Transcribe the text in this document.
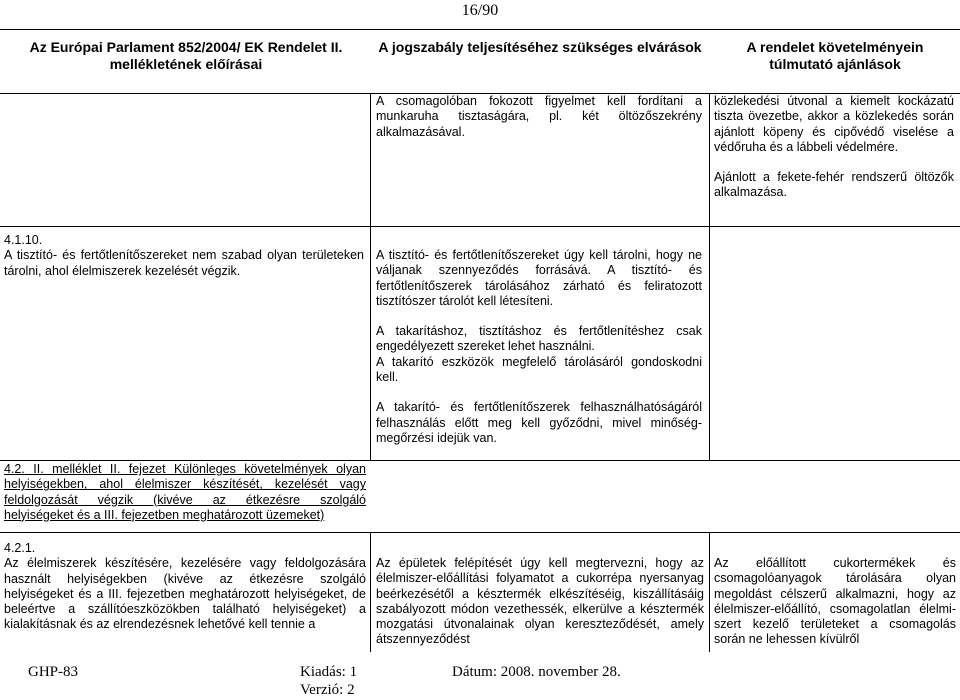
16/90
Az Európai Parlament 852/2004/ EK Rendelet II. mellékletének előírásai
A jogszabály teljesítéséhez szükséges elvárások	A rendelet követelményein túlmutató ajánlások
A csomagolóban fokozott figyelmet kell fordítani a munkaruha tisztaságára, pl. két öltözőszekrény alkalmazásával.

közlekedési útvonal a kiemelt kockázatú tiszta övezetbe, akkor a közlekedés során ajánlott köpeny és cipővédő viselése a védőruha és a lábbeli védelmére.

Ajánlott a fekete-fehér rendszerű öltözők alkalmazása.

4.1.10.

A tisztító- és fertőtlenítőszereket nem szabad olyan területeken tárolni, ahol élelmiszerek kezelését végzik.

A tisztító- és fertőtlenítőszereket úgy kell tárolni, hogy ne váljanak szennyeződés forrásává. A tisztító- és fertőtlenítőszerek tárolásához zárható és feliratozott tisztítószer tárolót kell létesíteni.

A takarításhoz, tisztításhoz és fertőtlenítéshez csak engedélyezett szereket lehet használni.

A takarító eszközök megfelelő tárolásáról gondoskodni kell.

A takarító- és fertőtlenítőszerek felhasználhatóságáról felhasználás előtt meg kell győződni, mivel minőség-megőrzési idejük van.

4.2. II. melléklet II. fejezet Különleges követelmények olyan
helyiségekben, ahol élelmiszer készítését, kezelését vagy
feldolgozását végzik (kivéve az étkezésre szolgáló
helyiségeket és a III. fejezetben meghatározott üzemeket)

4.2.1.

Az élelmiszerek készítésére, kezelésére vagy feldolgozására használt helyiségekben (kivéve az étkezésre szolgáló helyiségeket és a III. fejezetben meghatározott helyiségeket, de beleértve a szállítóeszközökben található helyiségeket) a kialakításnak és az elrendezésnek lehetővé kell tennie a

Az épületek felépítését úgy kell megtervezni, hogy az élelmiszer-előállítási folyamatot a cukorrépa nyersanyag beérkezésétől a késztermék elkészítéséig, kiszállításáig szabályozott módon vezethessék, elkerülve a késztermék mozgatási útvonalainak olyan kereszteződését, amely átszennyeződést
Az előállított cukortermékek és csomagolóanyagok tárolására olyan megoldást célszerű alkalmazni, hogy az élelmiszer-előállító, csomagolatlan élelmi-szert kezelő területeket a csomagolás során ne lehessen kívülről
GHP-83	Kiadás: 1
Verzió: 2
Dátum: 2008. november 28.
